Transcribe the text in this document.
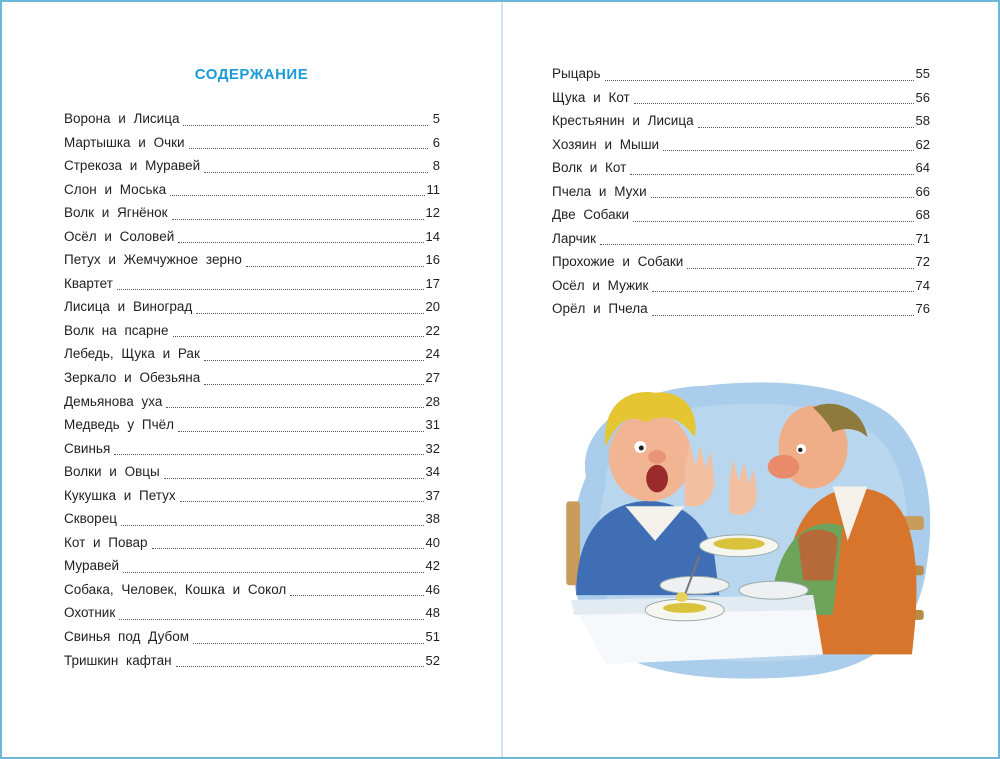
СОДЕРЖАНИЕ
Ворона и Лисица	5
Мартышка и Очки	6
Стрекоза и Муравей	8
Слон и Моська	11
Волк и Ягнёнок	12
Осёл и Соловей	14
Петух и Жемчужное зерно	16
Квартет	17
Лисица и Виноград	20
Волк на псарне	22
Лебедь, Щука и Рак	24
Зеркало и Обезьяна	27
Демьянова уха	28
Медведь у Пчёл	31
Свинья	32
Волки и Овцы	34
Кукушка и Петух	37
Скворец	38
Кот и Повар	40
Муравей	42
Собака, Человек, Кошка и Сокол	46
Охотник	48
Свинья под Дубом	51
Тришкин кафтан	52
Рыцарь	55
Щука и Кот	56
Крестьянин и Лисица	58
Хозяин и Мыши	62
Волк и Кот	64
Пчела и Мухи	66
Две Собаки	68
Ларчик	71
Прохожие и Собаки	72
Осёл и Мужик	74
Орёл и Пчела	76
